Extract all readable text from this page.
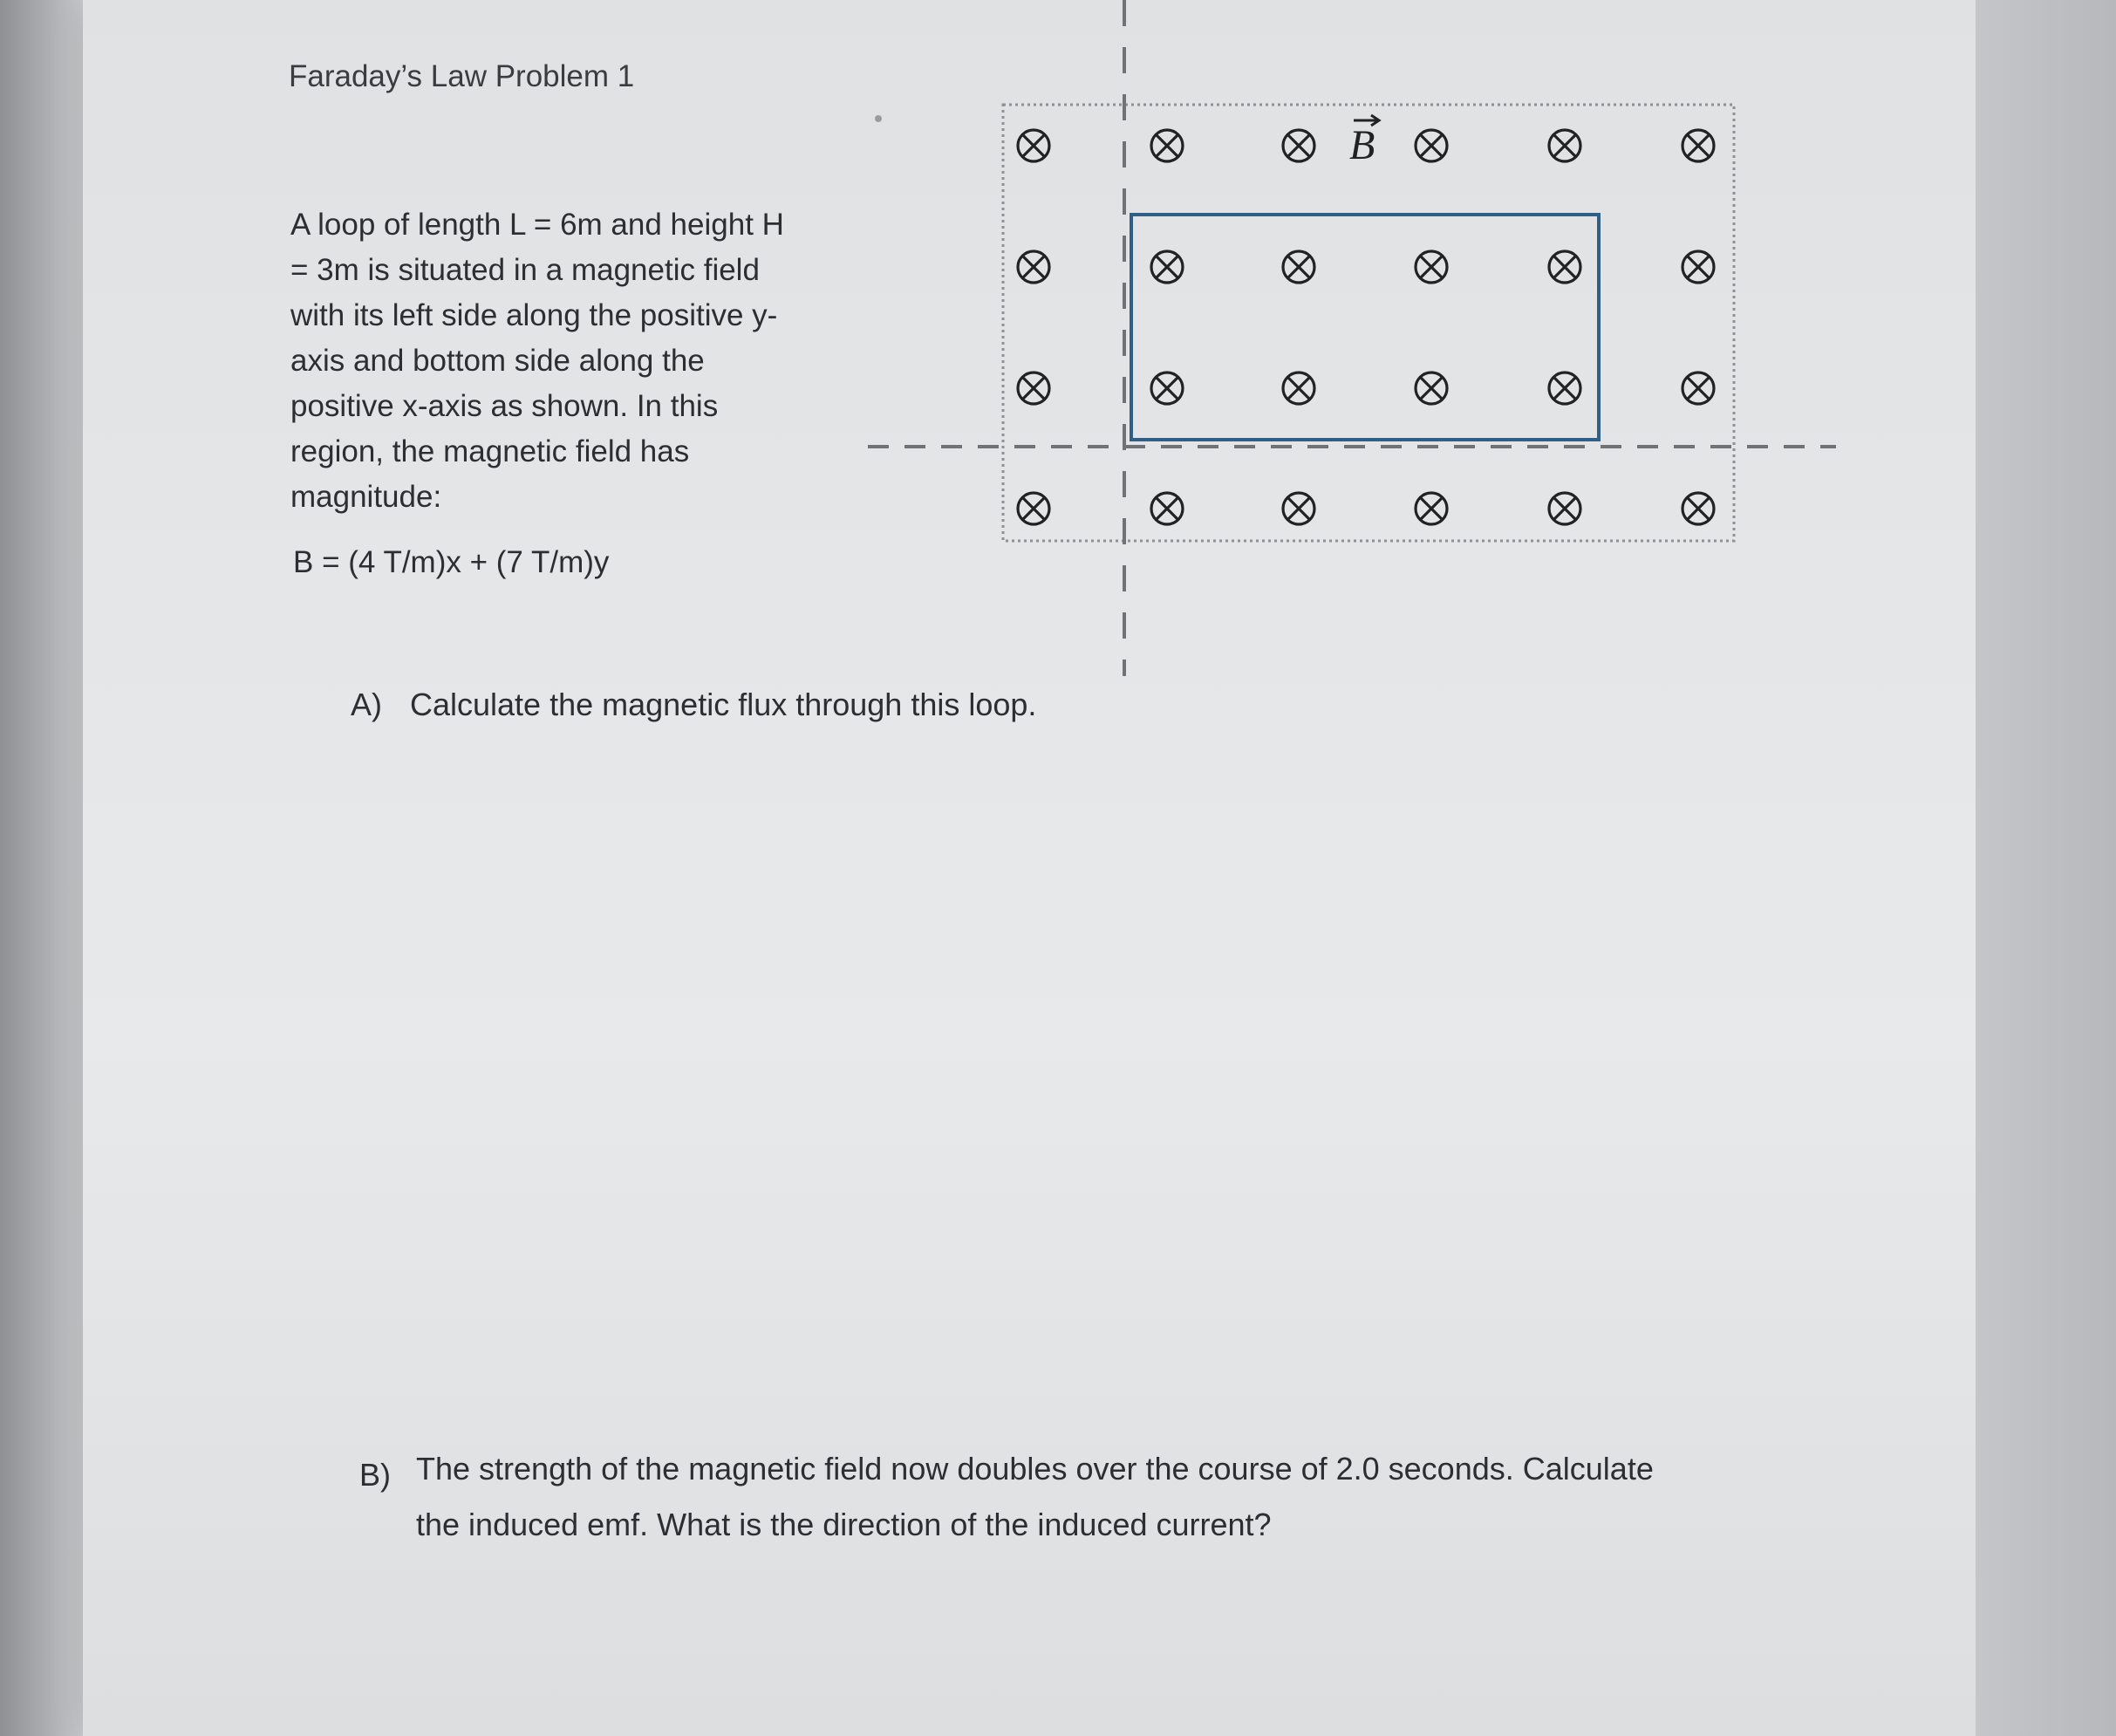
Faraday’s Law Problem 1
A loop of length L = 6m and height H
= 3m is situated in a magnetic field
with its left side along the positive y-
axis and bottom side along the
positive x-axis as shown. In this
region, the magnetic field has
magnitude:
B = (4 T/m)x + (7 T/m)y
A) Calculate the magnetic flux through this loop.
B) The strength of the magnetic field now doubles over the course of 2.0 seconds. Calculate
the induced emf. What is the direction of the induced current?
B
